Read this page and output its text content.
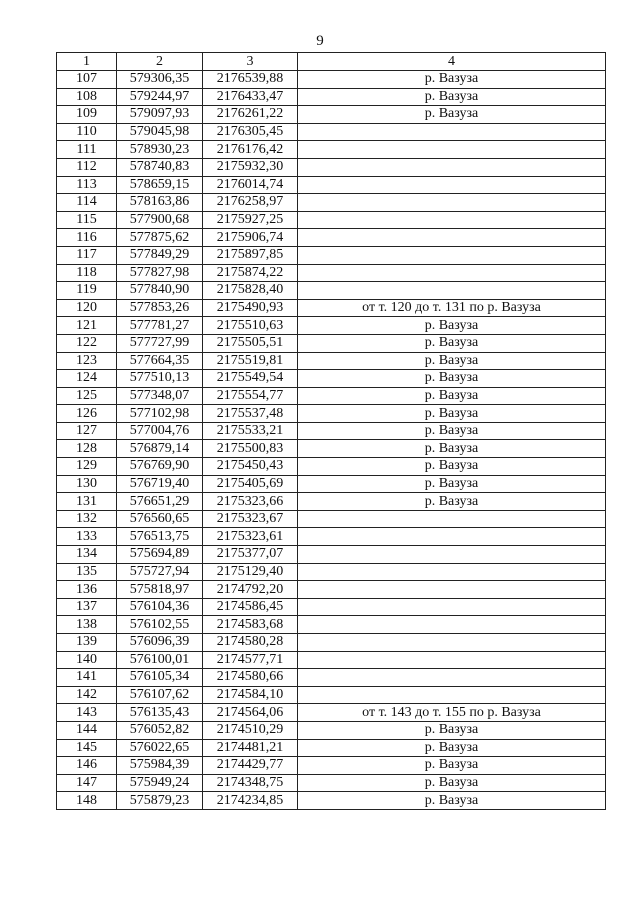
9
1	2	3	4
107	579306,35	2176539,88	р. Вазуза
108	579244,97	2176433,47	р. Вазуза
109	579097,93	2176261,22	р. Вазуза
110	579045,98	2176305,45	
111	578930,23	2176176,42	
112	578740,83	2175932,30	
113	578659,15	2176014,74	
114	578163,86	2176258,97	
115	577900,68	2175927,25	
116	577875,62	2175906,74	
117	577849,29	2175897,85	
118	577827,98	2175874,22	
119	577840,90	2175828,40	
120	577853,26	2175490,93	от т. 120 до т. 131 по р. Вазуза
121	577781,27	2175510,63	р. Вазуза
122	577727,99	2175505,51	р. Вазуза
123	577664,35	2175519,81	р. Вазуза
124	577510,13	2175549,54	р. Вазуза
125	577348,07	2175554,77	р. Вазуза
126	577102,98	2175537,48	р. Вазуза
127	577004,76	2175533,21	р. Вазуза
128	576879,14	2175500,83	р. Вазуза
129	576769,90	2175450,43	р. Вазуза
130	576719,40	2175405,69	р. Вазуза
131	576651,29	2175323,66	р. Вазуза
132	576560,65	2175323,67	
133	576513,75	2175323,61	
134	575694,89	2175377,07	
135	575727,94	2175129,40	
136	575818,97	2174792,20	
137	576104,36	2174586,45	
138	576102,55	2174583,68	
139	576096,39	2174580,28	
140	576100,01	2174577,71	
141	576105,34	2174580,66	
142	576107,62	2174584,10	
143	576135,43	2174564,06	от т. 143 до т. 155 по р. Вазуза
144	576052,82	2174510,29	р. Вазуза
145	576022,65	2174481,21	р. Вазуза
146	575984,39	2174429,77	р. Вазуза
147	575949,24	2174348,75	р. Вазуза
148	575879,23	2174234,85	р. Вазуза
